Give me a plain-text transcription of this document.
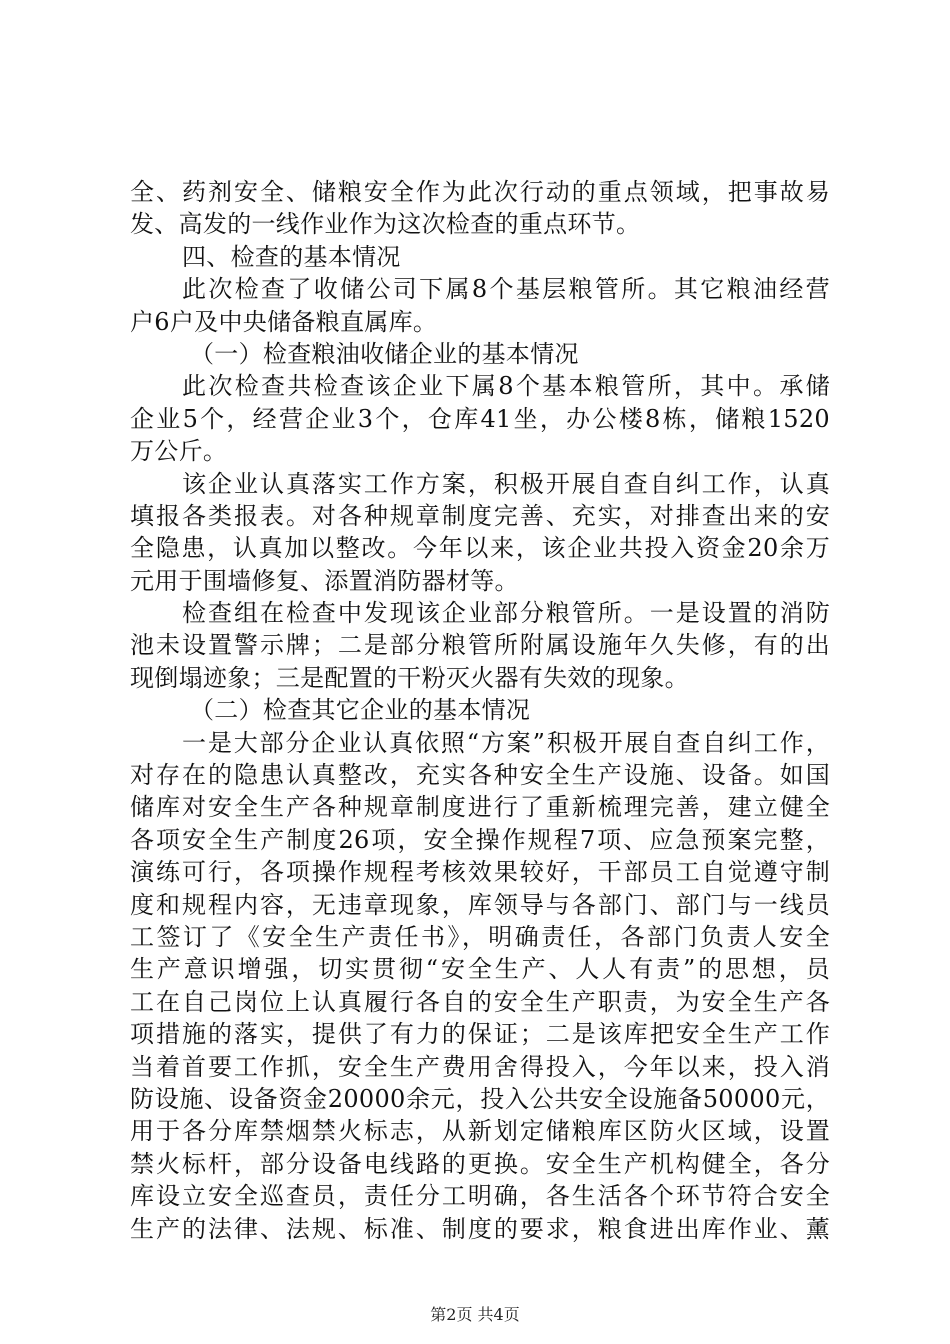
全、药剂安全、储粮安全作为此次行动的重点领域，把事故易
发、高发的一线作业作为这次检查的重点环节。
四、检查的基本情况
此次检查了收储公司下属8个基层粮管所。其它粮油经营
户6户及中央储备粮直属库。
（一）检查粮油收储企业的基本情况
此次检查共检查该企业下属8个基本粮管所，其中。承储
企业5个，经营企业3个，仓库41坐，办公楼8栋，储粮1520
万公斤。
该企业认真落实工作方案，积极开展自查自纠工作，认真
填报各类报表。对各种规章制度完善、充实，对排查出来的安
全隐患，认真加以整改。今年以来，该企业共投入资金20余万
元用于围墙修复、添置消防器材等。
检查组在检查中发现该企业部分粮管所。一是设置的消防
池未设置警示牌；二是部分粮管所附属设施年久失修，有的出
现倒塌迹象；三是配置的干粉灭火器有失效的现象。
（二）检查其它企业的基本情况
一是大部分企业认真依照“方案”积极开展自查自纠工作，
对存在的隐患认真整改，充实各种安全生产设施、设备。如国
储库对安全生产各种规章制度进行了重新梳理完善，建立健全
各项安全生产制度26项，安全操作规程7项、应急预案完整，
演练可行，各项操作规程考核效果较好，干部员工自觉遵守制
度和规程内容，无违章现象，库领导与各部门、部门与一线员
工签订了《安全生产责任书》，明确责任，各部门负责人安全
生产意识增强，切实贯彻“安全生产、人人有责”的思想，员
工在自己岗位上认真履行各自的安全生产职责，为安全生产各
项措施的落实，提供了有力的保证；二是该库把安全生产工作
当着首要工作抓，安全生产费用舍得投入，今年以来，投入消
防设施、设备资金20000余元，投入公共安全设施备50000元，
用于各分库禁烟禁火标志，从新划定储粮库区防火区域，设置
禁火标杆，部分设备电线路的更换。安全生产机构健全，各分
库设立安全巡查员，责任分工明确，各生活各个环节符合安全
生产的法律、法规、标准、制度的要求，粮食进出库作业、薰
第2页 共4页
